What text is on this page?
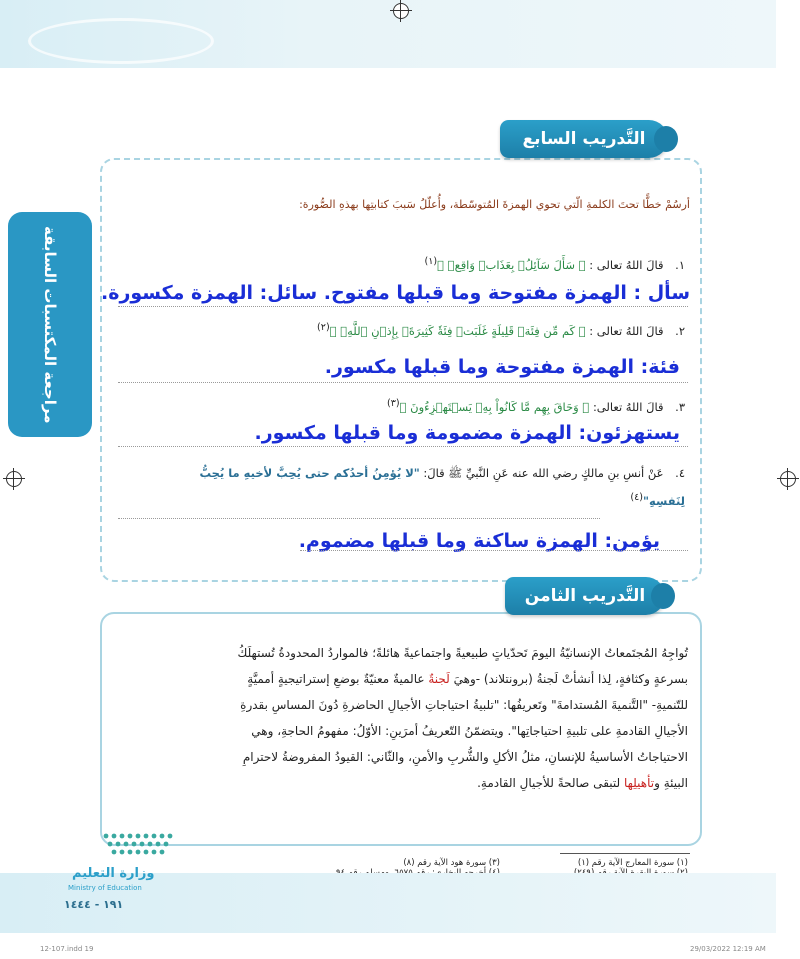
مراجعة المكتسبات السابقة
التَّدريب السابع
أرسُمْ خطًّا تحتَ الكلمةِ الّتي تحوي الهمزةَ المُتوسّطة، وأُعلّلُ سَببَ كتابتِها بهذهِ الصُّورة:
١. قالَ اللهُ تعالى : ﴿ سَأَلَ سَآئِلُۢ بِعَذَابٖ وَاقِعٖ ﴾$^{(١)}$
سأل : الهمزة مفتوحة وما قبلها مفتوح. سائل: الهمزة مكسورة.
٢. قالَ اللهُ تعالى : ﴿ كَم مِّن فِئَةٖ قَلِيلَةٍ غَلَبَتۡ فِئَةٗ كَثِيرَةَۢ بِإِذۡنِ ٱللَّهِۗ ﴾$^{(٢)}$
فئة: الهمزة مفتوحة وما قبلها مكسور.
٣. قالَ اللهُ تعالى: ﴿ وَحَاقَ بِهِم مَّا كَانُواْ بِهِۦ يَسۡتَهۡزِءُونَ ﴾$^{(٣)}$
يستهزئون: الهمزة مضمومة وما قبلها مكسور.
٤. عَنْ أنسِ بنِ مالكٍ رضي الله عنه عَنِ النَّبيِّ ﷺ قالَ: "لا يُؤمِنُ أحدُكم حتى يُحِبَّ لأخيهِ ما يُحِبُّ
لِنَفسِهِ"$^{(٤)}$
يؤمن: الهمزة ساكنة وما قبلها مضموم.
التَّدريب الثامن
تُواجِهُ المُجتَمعاتُ الإنسانيّةُ اليومَ تَحدّياتٍ طبيعيةً واجتماعيةً هائلةً؛ فالمواردُ المحدودةُ تُستهلَكُ
بسرعةٍ وكثافةٍ، لِذا أنشأتْ لَجنةُ (برونتلاند) -وهيَ لَجنةٌ عالميةٌ معنيّةٌ بوضعِ إستراتيجيةٍ أمميَّةٍ
للتّنميةِ- "التَّنميةَ المُستدامةَ" وتَعريفُها: "تلبيةُ احتياجاتِ الأجيالِ الحاضرةِ دُونَ المساسِ بقدرةِ
الأجيالِ القادمةِ على تلبيةِ احتياجاتِها". ويتضمّنُ التّعريفُ أمرَينِ: الأوّلُ: مفهومُ الحاجةِ، وهي
الاحتياجاتُ الأساسيةُ للإنسانِ، مثلُ الأكلِ والشُّربِ والأمنِ، والثّاني: القيودُ المفروضةُ لاحترامِ
البيئةِ وتأهيلِها لتبقى صالحةً للأجيالِ القادمةِ.
(١) سورة المعارج الآية رقم (١)
(٣) سورة هود الآية رقم (٨)
وزارة التعليم
Ministry of Education
١٩١ - ١٤٤٤
12-107.indd 19	29/03/2022 12:19 AM
